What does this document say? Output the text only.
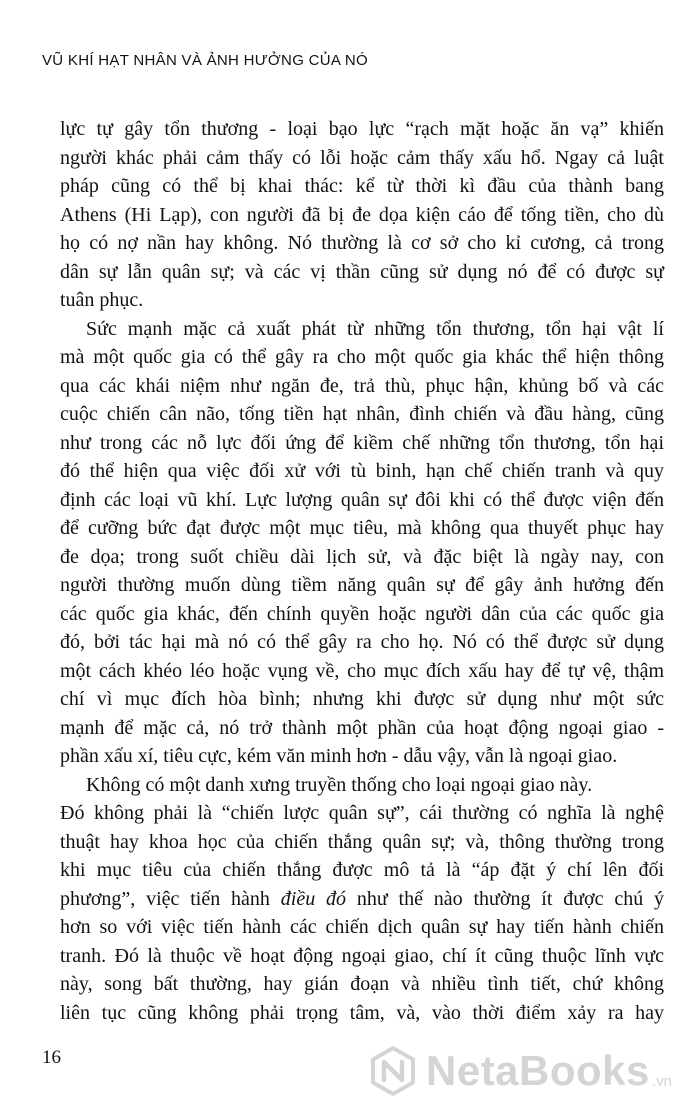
VŨ KHÍ HẠT NHÂN VÀ ẢNH HƯỞNG CỦA NÓ
lực tự gây tổn thương - loại bạo lực “rạch mặt hoặc ăn vạ” khiến
người khác phải cảm thấy có lỗi hoặc cảm thấy xấu hổ. Ngay cả luật
pháp cũng có thể bị khai thác: kể từ thời kì đầu của thành bang
Athens (Hi Lạp), con người đã bị đe dọa kiện cáo để tống tiền, cho dù
họ có nợ nần hay không. Nó thường là cơ sở cho kỉ cương, cả trong
dân sự lẫn quân sự; và các vị thần cũng sử dụng nó để có được sự
tuân phục.
Sức mạnh mặc cả xuất phát từ những tổn thương, tổn hại vật lí
mà một quốc gia có thể gây ra cho một quốc gia khác thể hiện thông
qua các khái niệm như ngăn đe, trả thù, phục hận, khủng bố và các
cuộc chiến cân não, tống tiền hạt nhân, đình chiến và đầu hàng, cũng
như trong các nỗ lực đối ứng để kiềm chế những tổn thương, tổn hại
đó thể hiện qua việc đối xử với tù binh, hạn chế chiến tranh và quy
định các loại vũ khí. Lực lượng quân sự đôi khi có thể được viện đến
để cưỡng bức đạt được một mục tiêu, mà không qua thuyết phục hay
đe dọa; trong suốt chiều dài lịch sử, và đặc biệt là ngày nay, con
người thường muốn dùng tiềm năng quân sự để gây ảnh hưởng đến
các quốc gia khác, đến chính quyền hoặc người dân của các quốc gia
đó, bởi tác hại mà nó có thể gây ra cho họ. Nó có thể được sử dụng
một cách khéo léo hoặc vụng về, cho mục đích xấu hay để tự vệ, thậm
chí vì mục đích hòa bình; nhưng khi được sử dụng như một sức
mạnh để mặc cả, nó trở thành một phần của hoạt động ngoại giao -
phần xấu xí, tiêu cực, kém văn minh hơn - dẫu vậy, vẫn là ngoại giao.
Không có một danh xưng truyền thống cho loại ngoại giao này.
Đó không phải là “chiến lược quân sự”, cái thường có nghĩa là nghệ
thuật hay khoa học của chiến thắng quân sự; và, thông thường trong
khi mục tiêu của chiến thắng được mô tả là “áp đặt ý chí lên đối
phương”, việc tiến hành điều đó như thế nào thường ít được chú ý
hơn so với việc tiến hành các chiến dịch quân sự hay tiến hành chiến
tranh. Đó là thuộc về hoạt động ngoại giao, chí ít cũng thuộc lĩnh vực
này, song bất thường, hay gián đoạn và nhiều tình tiết, chứ không
liên tục cũng không phải trọng tâm, và, vào thời điểm xảy ra hay
16	NetaBooks .vn
